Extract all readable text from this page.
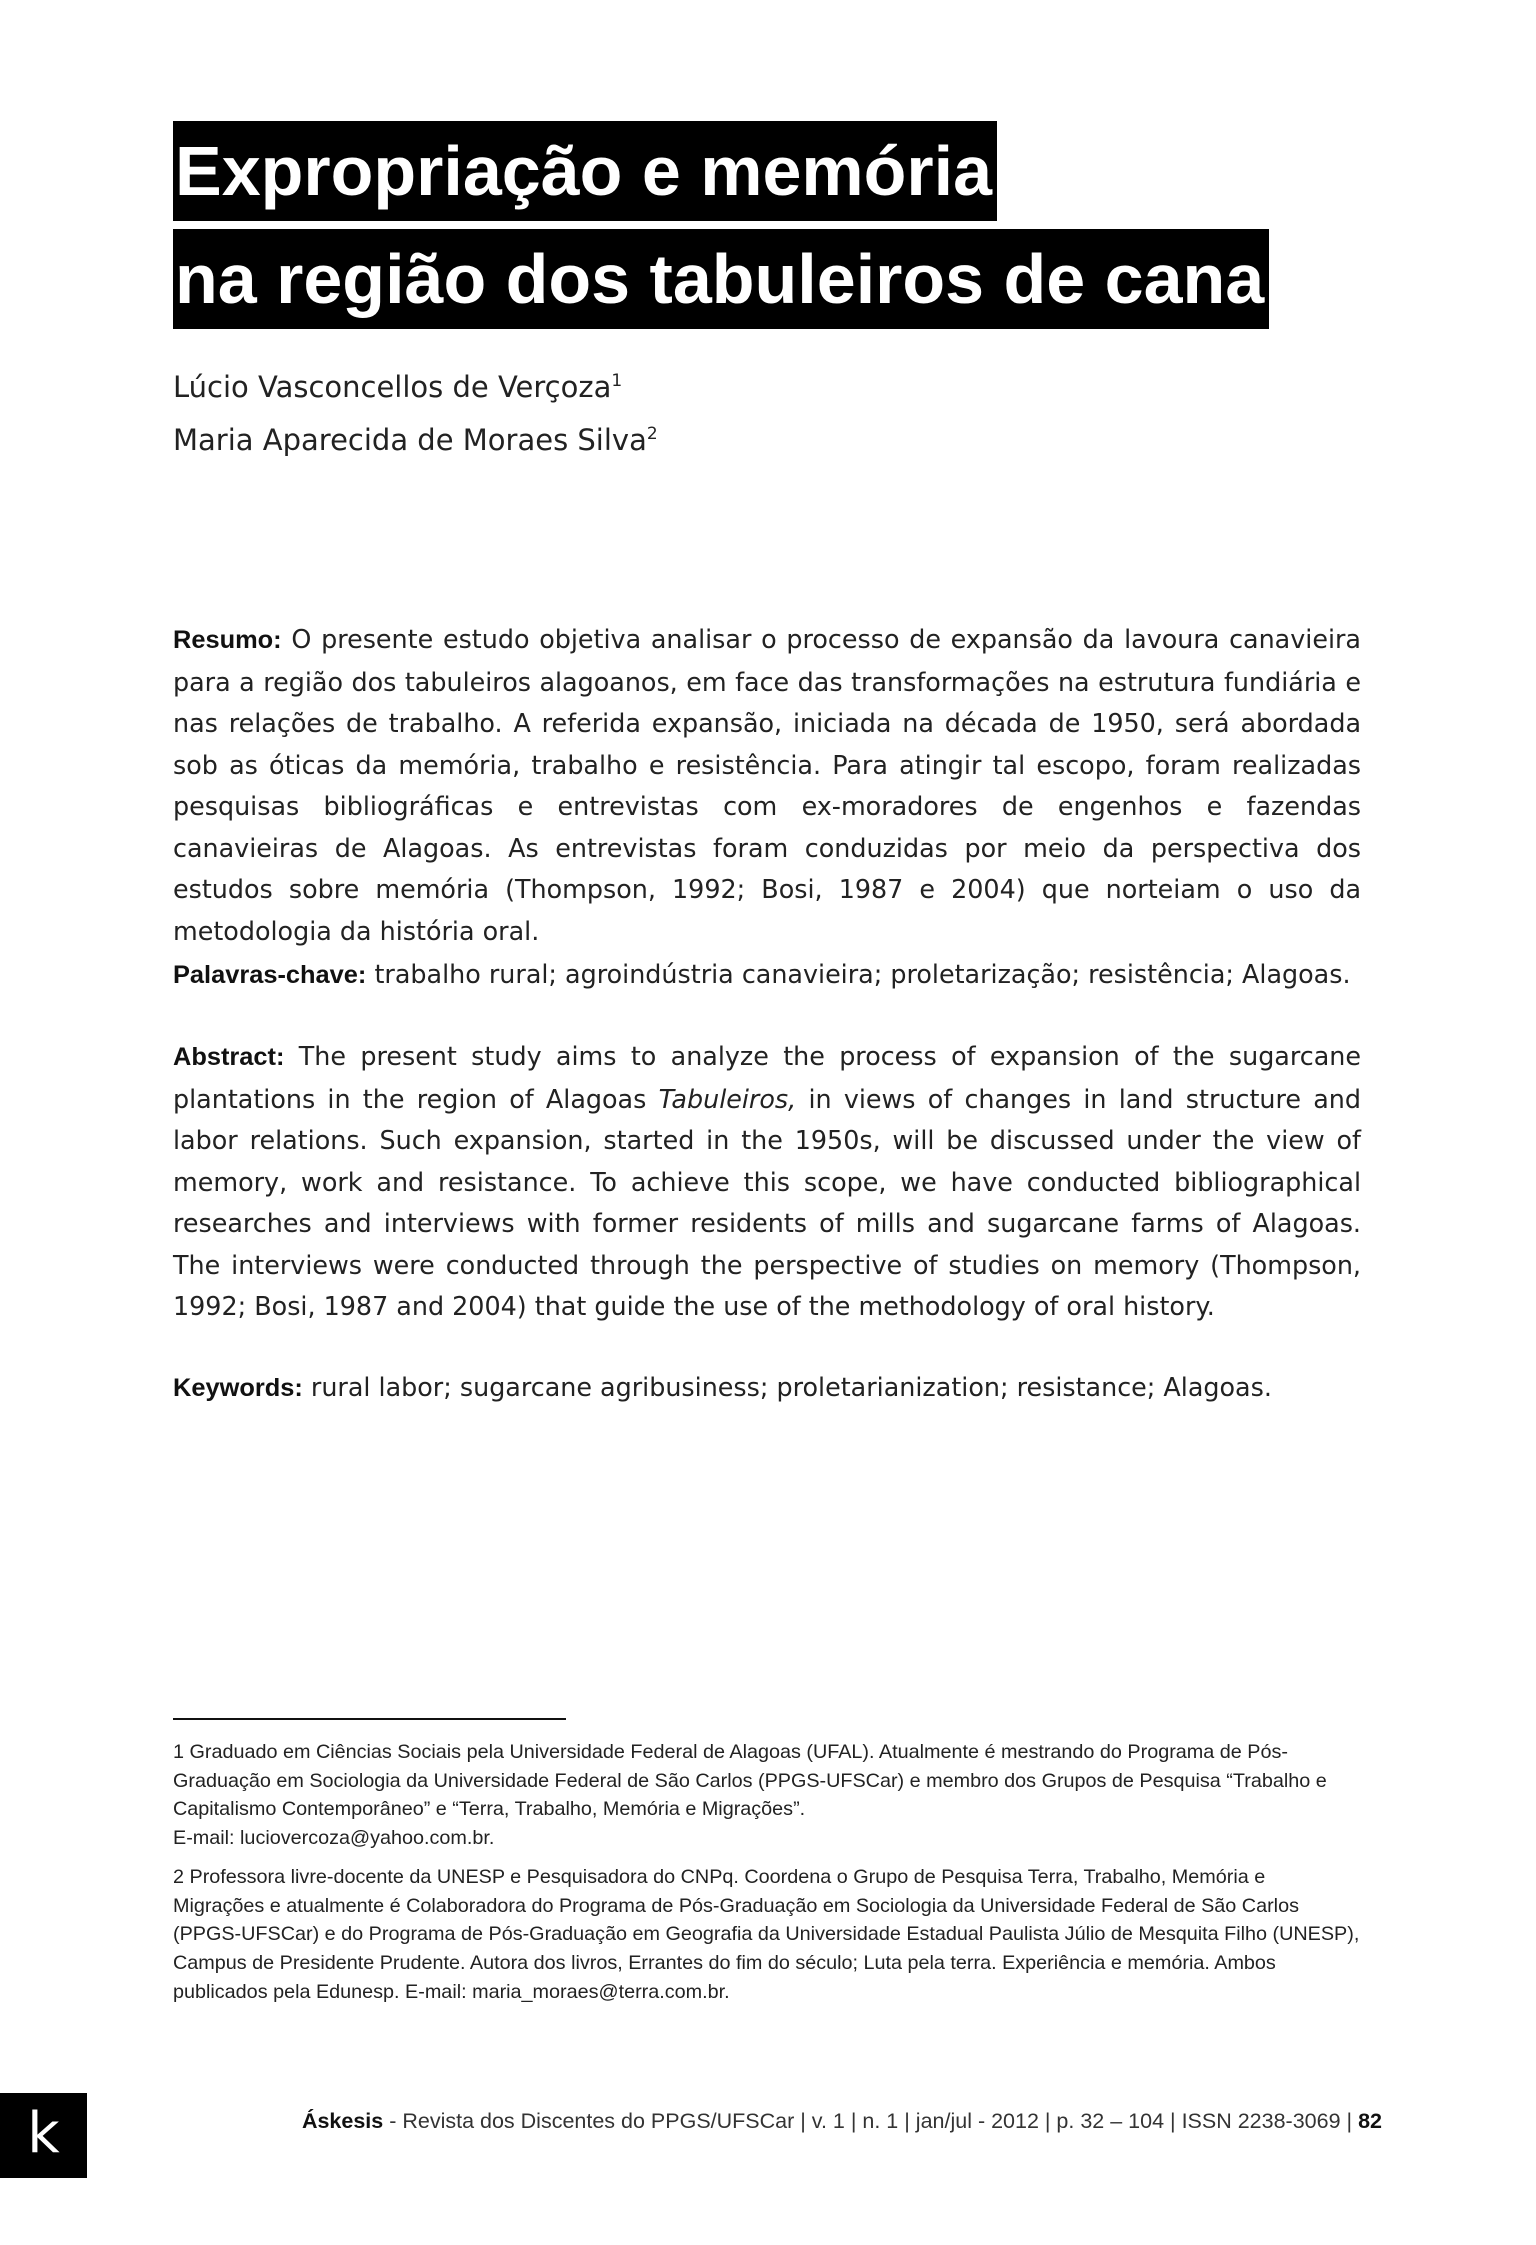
Expropriação e memória
na região dos tabuleiros de cana
Lúcio Vasconcellos de Verçoza$^1$
Maria Aparecida de Moraes Silva$^2$
Resumo: O presente estudo objetiva analisar o processo de expansão da lavoura canavieira para a região dos tabuleiros alagoanos, em face das transformações na estrutura fundiária e nas relações de trabalho. A referida expansão, iniciada na década de 1950, será abordada sob as óticas da memória, trabalho e resistência. Para atingir tal escopo, foram realizadas pesquisas bibliográficas e entrevistas com ex-moradores de engenhos e fazendas canavieiras de Alagoas. As entrevistas foram conduzidas por meio da perspectiva dos estudos sobre memória (Thompson, 1992; Bosi, 1987 e 2004) que norteiam o uso da metodologia da história oral.
Palavras-chave: trabalho rural; agroindústria canavieira; proletarização; resistência; Alagoas.
Abstract: The present study aims to analyze the process of expansion of the sugarcane plantations in the region of Alagoas Tabuleiros, in views of changes in land structure and labor relations. Such expansion, started in the 1950s, will be discussed under the view of memory, work and resistance. To achieve this scope, we have conducted bibliographical researches and interviews with former residents of mills and sugarcane farms of Alagoas. The interviews were conducted through the perspective of studies on memory (Thompson, 1992; Bosi, 1987 and 2004) that guide the use of the methodology of oral history.
Keywords: rural labor; sugarcane agribusiness; proletarianization; resistance; Alagoas.
1 Graduado em Ciências Sociais pela Universidade Federal de Alagoas (UFAL). Atualmente é mestrando do Programa de Pós-Graduação em Sociologia da Universidade Federal de São Carlos (PPGS-UFSCar) e membro dos Grupos de Pesquisa “Trabalho e Capitalismo Contemporâneo” e “Terra, Trabalho, Memória e Migrações”.
E-mail: luciovercoza@yahoo.com.br.
2 Professora livre-docente da UNESP e Pesquisadora do CNPq. Coordena o Grupo de Pesquisa Terra, Trabalho, Memória e Migrações e atualmente é Colaboradora do Programa de Pós-Graduação em Sociologia da Universidade Federal de São Carlos (PPGS-UFSCar) e do Programa de Pós-Graduação em Geografia da Universidade Estadual Paulista Júlio de Mesquita Filho (UNESP), Campus de Presidente Prudente. Autora dos livros, Errantes do fim do século; Luta pela terra. Experiência e memória. Ambos publicados pela Edunesp. E-mail: maria_moraes@terra.com.br.
k	Áskesis - Revista dos Discentes do PPGS/UFSCar | v. 1 | n. 1 | jan/jul - 2012 | p. 32 – 104 | ISSN 2238-3069 | 82
